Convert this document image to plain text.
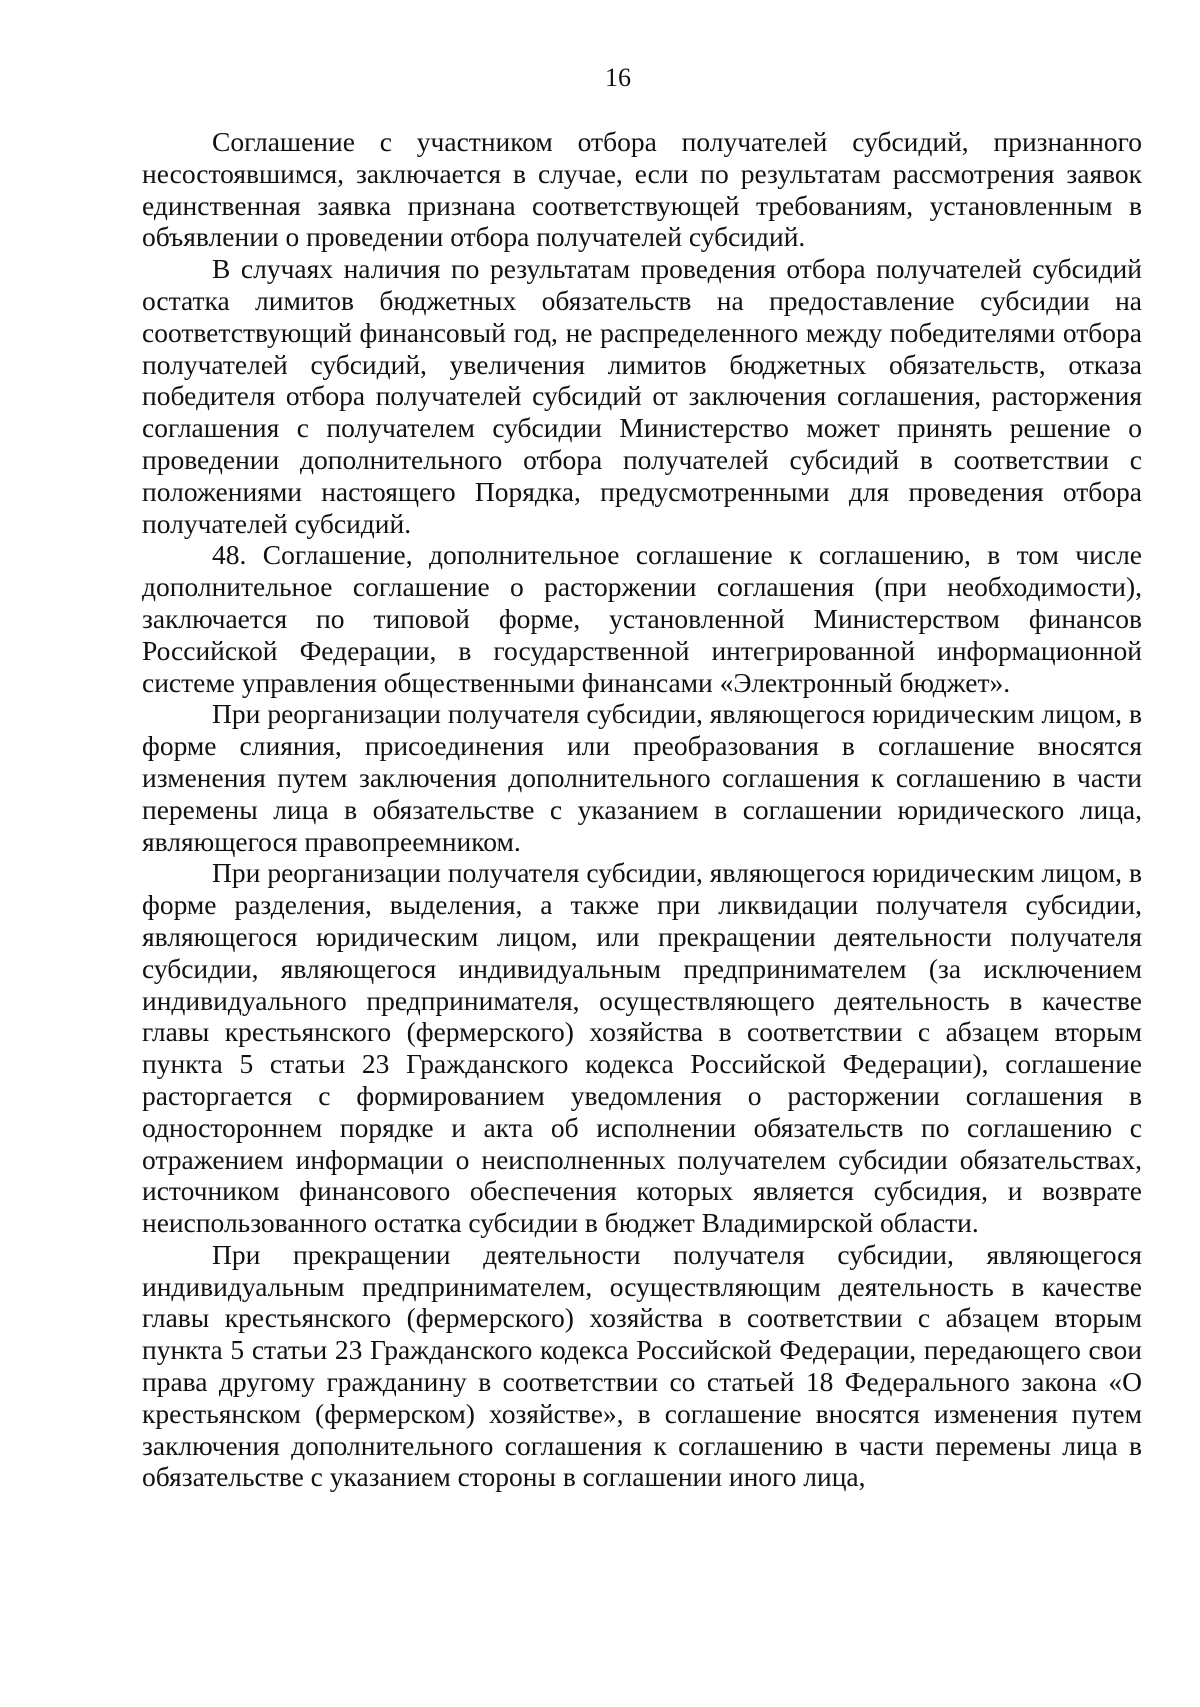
16

Соглашение с участником отбора получателей субсидий, признанного несостоявшимся, заключается в случае, если по результатам рассмотрения заявок единственная заявка признана соответствующей требованиям, установленным в объявлении о проведении отбора получателей субсидий.

В случаях наличия по результатам проведения отбора получателей субсидий остатка лимитов бюджетных обязательств на предоставление субсидии на соответствующий финансовый год, не распределенного между победителями отбора получателей субсидий, увеличения лимитов бюджетных обязательств, отказа победителя отбора получателей субсидий от заключения соглашения, расторжения соглашения с получателем субсидии Министерство может принять решение о проведении дополнительного отбора получателей субсидий в соответствии с положениями настоящего Порядка, предусмотренными для проведения отбора получателей субсидий.

48. Соглашение, дополнительное соглашение к соглашению, в том числе дополнительное соглашение о расторжении соглашения (при необходимости), заключается по типовой форме, установленной Министерством финансов Российской Федерации, в государственной интегрированной информационной системе управления общественными финансами «Электронный бюджет».

При реорганизации получателя субсидии, являющегося юридическим лицом, в форме слияния, присоединения или преобразования в соглашение вносятся изменения путем заключения дополнительного соглашения к соглашению в части перемены лица в обязательстве с указанием в соглашении юридического лица, являющегося правопреемником.

При реорганизации получателя субсидии, являющегося юридическим лицом, в форме разделения, выделения, а также при ликвидации получателя субсидии, являющегося юридическим лицом, или прекращении деятельности получателя субсидии, являющегося индивидуальным предпринимателем (за исключением индивидуального предпринимателя, осуществляющего деятельность в качестве главы крестьянского (фермерского) хозяйства в соответствии с абзацем вторым пункта 5 статьи 23 Гражданского кодекса Российской Федерации), соглашение расторгается с формированием уведомления о расторжении соглашения в одностороннем порядке и акта об исполнении обязательств по соглашению с отражением информации о неисполненных получателем субсидии обязательствах, источником финансового обеспечения которых является субсидия, и возврате неиспользованного остатка субсидии в бюджет Владимирской области.

При прекращении деятельности получателя субсидии, являющегося индивидуальным предпринимателем, осуществляющим деятельность в качестве главы крестьянского (фермерского) хозяйства в соответствии с абзацем вторым пункта 5 статьи 23 Гражданского кодекса Российской Федерации, передающего свои права другому гражданину в соответствии со статьей 18 Федерального закона «О крестьянском (фермерском) хозяйстве», в соглашение вносятся изменения путем заключения дополнительного соглашения к соглашению в части перемены лица в обязательстве с указанием стороны в соглашении иного лица,
